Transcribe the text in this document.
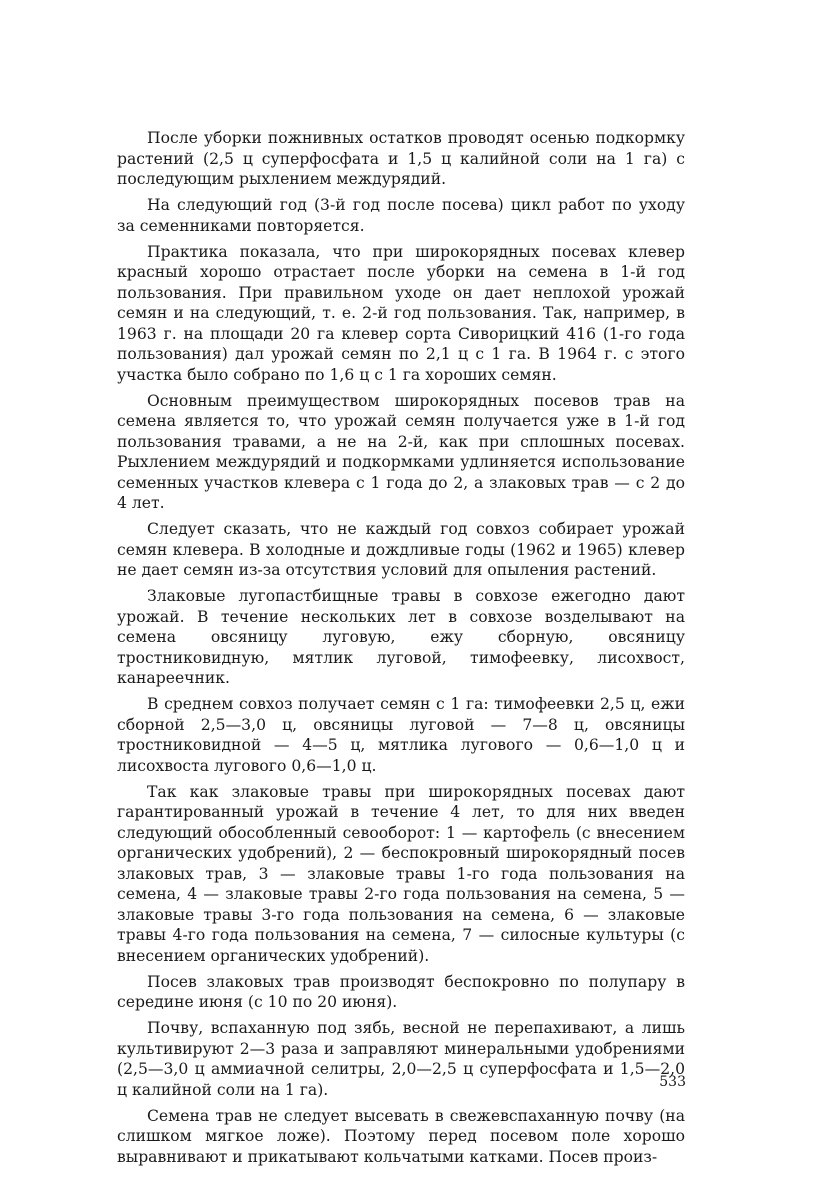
После уборки пожнивных остатков проводят осенью подкормку растений (2,5 ц суперфосфата и 1,5 ц калийной соли на 1 га) с последующим рыхлением междурядий.

На следующий год (3-й год после посева) цикл работ по уходу за семенниками повторяется.

Практика показала, что при широкорядных посевах клевер красный хорошо отрастает после уборки на семена в 1-й год пользования. При правильном уходе он дает неплохой урожай семян и на следующий, т. е. 2-й год пользования. Так, например, в 1963 г. на площади 20 га клевер сорта Сиворицкий 416 (1-го года пользования) дал урожай семян по 2,1 ц с 1 га. В 1964 г. с этого участка было собрано по 1,6 ц с 1 га хороших семян.

Основным преимуществом широкорядных посевов трав на семена является то, что урожай семян получается уже в 1-й год пользования травами, а не на 2-й, как при сплошных посевах. Рыхлением междурядий и подкормками удлиняется использование семенных участков клевера с 1 года до 2, а злаковых трав — с 2 до 4 лет.

Следует сказать, что не каждый год совхоз собирает урожай семян клевера. В холодные и дождливые годы (1962 и 1965) клевер не дает семян из-за отсутствия условий для опыления растений.

Злаковые лугопастбищные травы в совхозе ежегодно дают урожай. В течение нескольких лет в совхозе возделывают на семена овсяницу луговую, ежу сборную, овсяницу тростниковидную, мятлик луговой, тимофеевку, лисохвост, канареечник.

В среднем совхоз получает семян с 1 га: тимофеевки 2,5 ц, ежи сборной 2,5—3,0 ц, овсяницы луговой — 7—8 ц, овсяницы тростниковидной — 4—5 ц, мятлика лугового — 0,6—1,0 ц и лисохвоста лугового 0,6—1,0 ц.

Так как злаковые травы при широкорядных посевах дают гарантированный урожай в течение 4 лет, то для них введен следующий обособленный севооборот: 1 — картофель (с внесением органических удобрений), 2 — беспокровный широкорядный посев злаковых трав, 3 — злаковые травы 1-го года пользования на семена, 4 — злаковые травы 2-го года пользования на семена, 5 — злаковые травы 3-го года пользования на семена, 6 — злаковые травы 4-го года пользования на семена, 7 — силосные культуры (с внесением органических удобрений).

Посев злаковых трав производят беспокровно по полупару в середине июня (с 10 по 20 июня).

Почву, вспаханную под зябь, весной не перепахивают, а лишь культивируют 2—3 раза и заправляют минеральными удобрениями (2,5—3,0 ц аммиачной селитры, 2,0—2,5 ц суперфосфата и 1,5—2,0 ц калийной соли на 1 га).

Семена трав не следует высевать в свежевспаханную почву (на слишком мягкое ложе). Поэтому перед посевом поле хорошо выравнивают и прикатывают кольчатыми катками. Посев произ-

533
